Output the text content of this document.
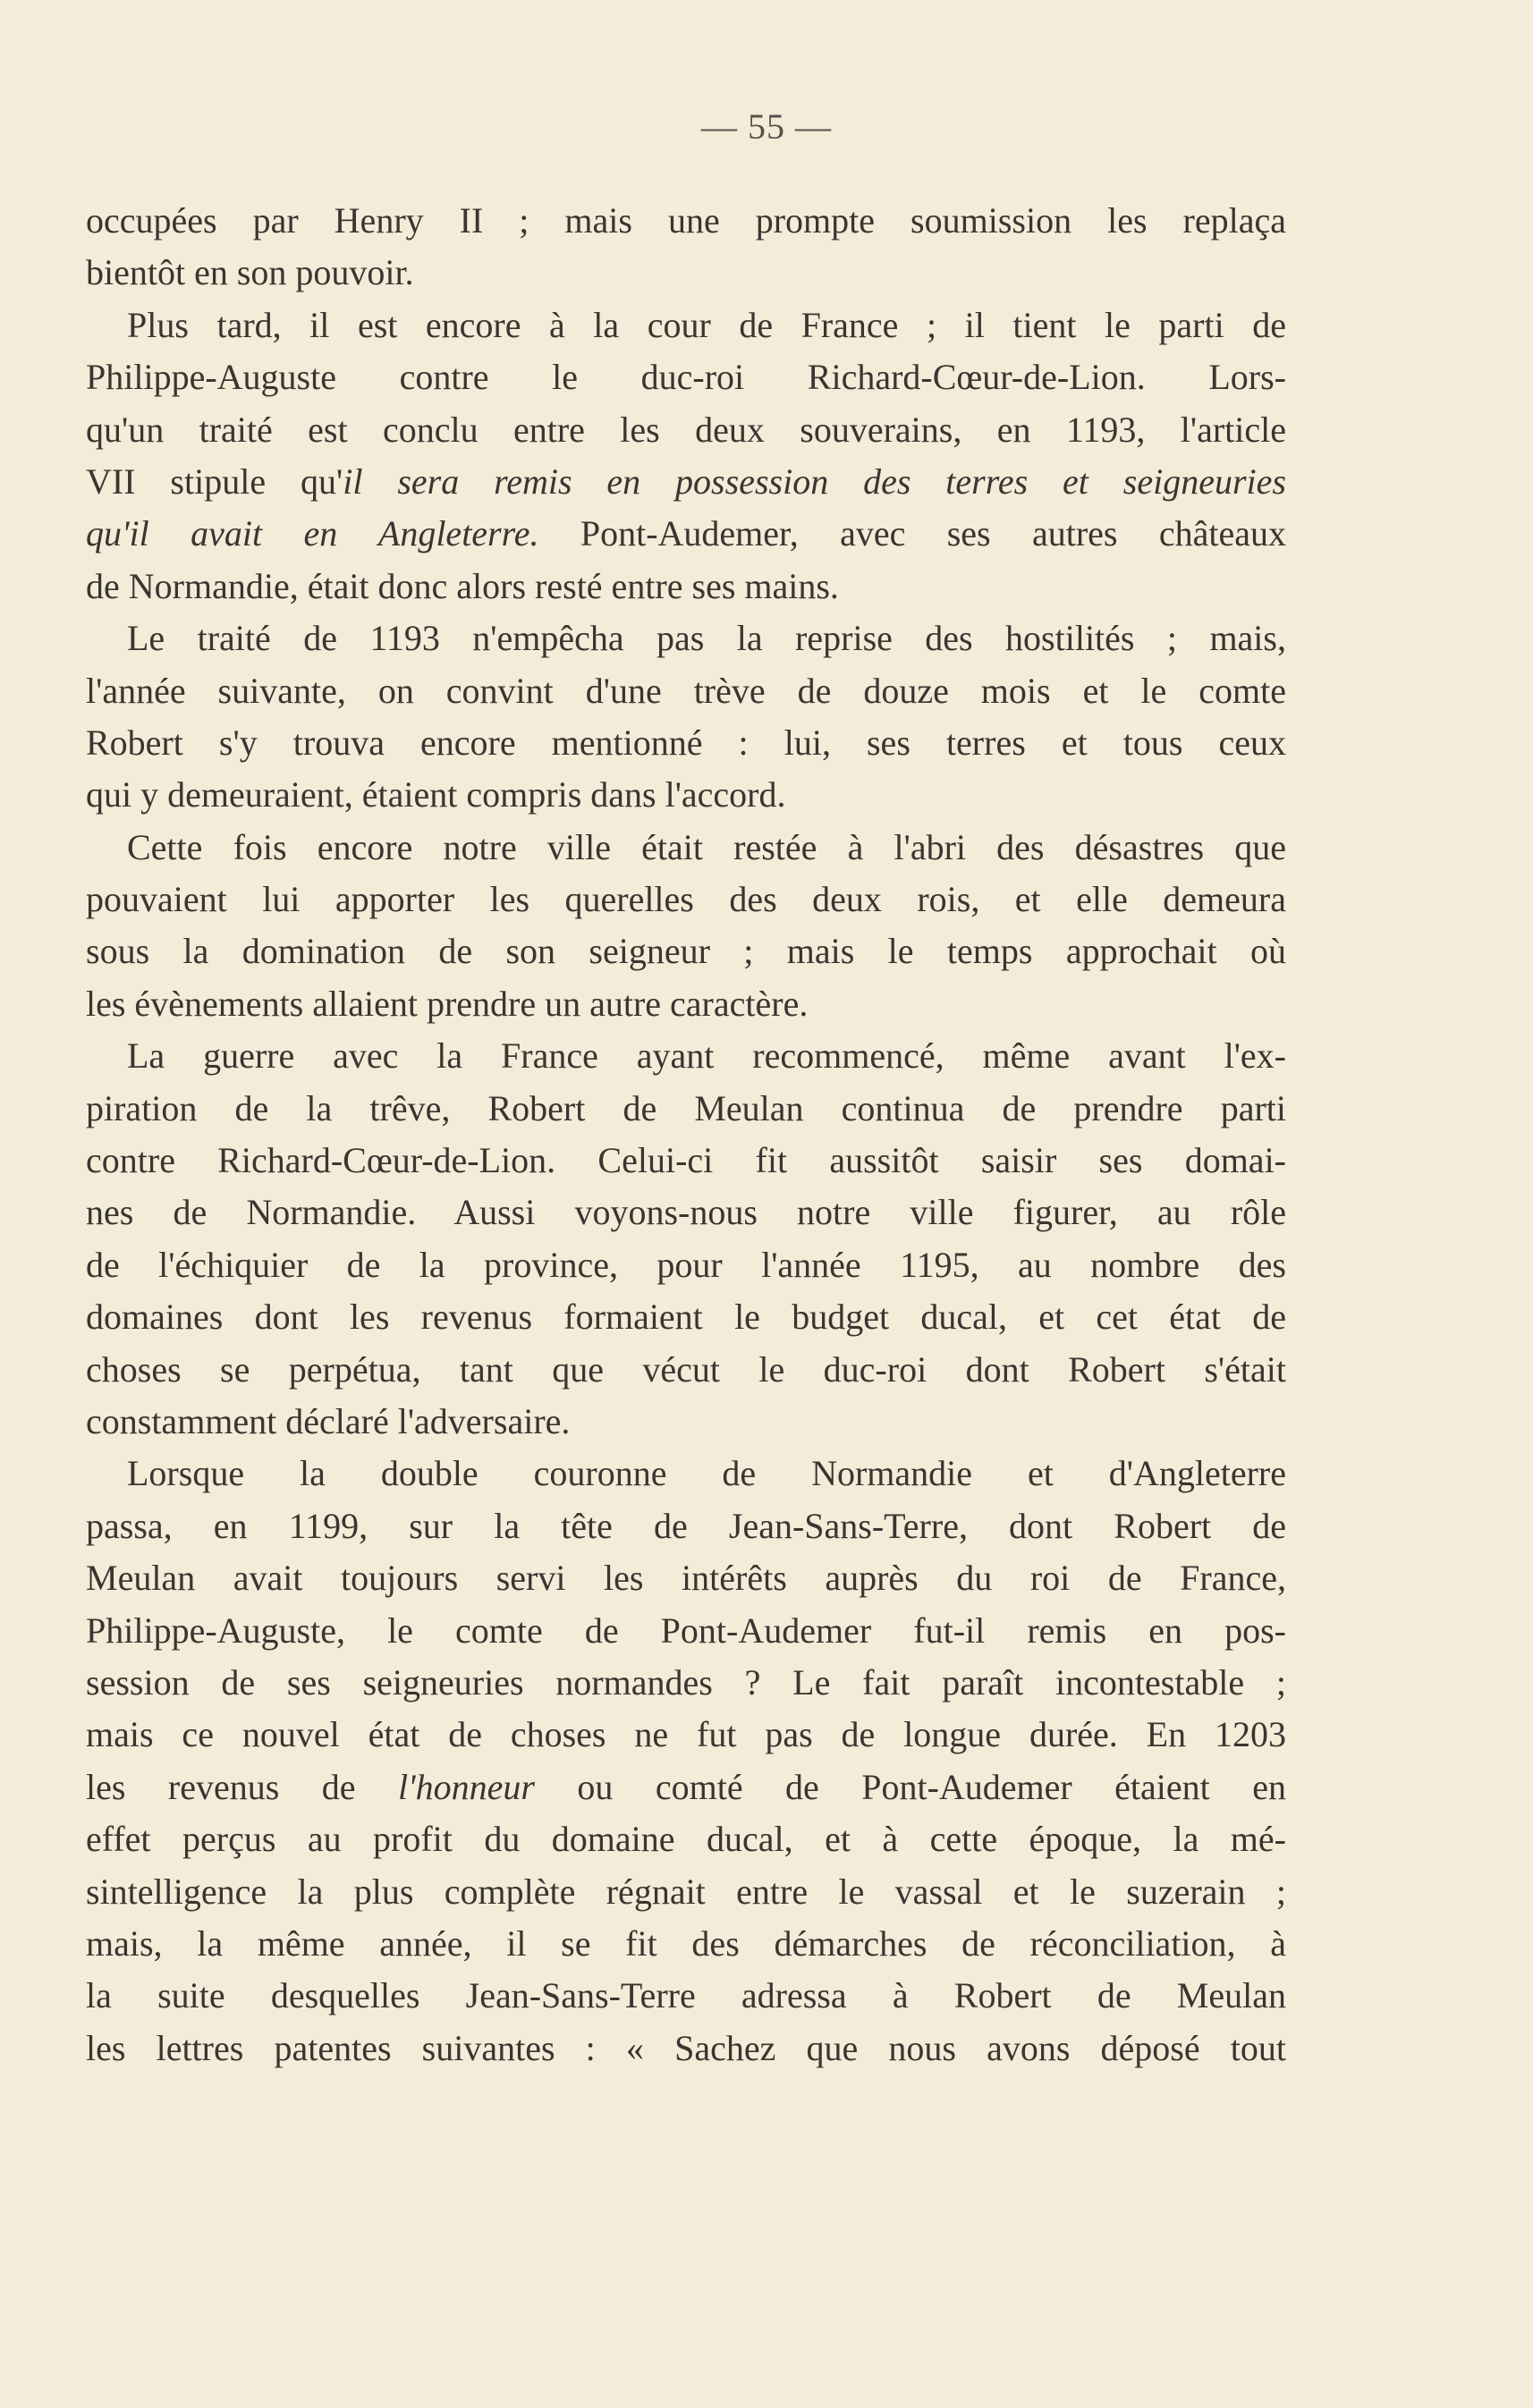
— 55 —
occupées par Henry II ; mais une prompte soumission les replaça
bientôt en son pouvoir.
Plus tard, il est encore à la cour de France ; il tient le parti de
Philippe-Auguste contre le duc-roi Richard-Cœur-de-Lion. Lors-
qu'un traité est conclu entre les deux souverains, en 1193, l'article
VII stipule qu'il sera remis en possession des terres et seigneuries
qu'il avait en Angleterre. Pont-Audemer, avec ses autres châteaux
de Normandie, était donc alors resté entre ses mains.
Le traité de 1193 n'empêcha pas la reprise des hostilités ; mais,
l'année suivante, on convint d'une trève de douze mois et le comte
Robert s'y trouva encore mentionné : lui, ses terres et tous ceux
qui y demeuraient, étaient compris dans l'accord.
Cette fois encore notre ville était restée à l'abri des désastres que
pouvaient lui apporter les querelles des deux rois, et elle demeura
sous la domination de son seigneur ; mais le temps approchait où
les évènements allaient prendre un autre caractère.
La guerre avec la France ayant recommencé, même avant l'ex-
piration de la trêve, Robert de Meulan continua de prendre parti
contre Richard-Cœur-de-Lion. Celui-ci fit aussitôt saisir ses domai-
nes de Normandie. Aussi voyons-nous notre ville figurer, au rôle
de l'échiquier de la province, pour l'année 1195, au nombre des
domaines dont les revenus formaient le budget ducal, et cet état de
choses se perpétua, tant que vécut le duc-roi dont Robert s'était
constamment déclaré l'adversaire.
Lorsque la double couronne de Normandie et d'Angleterre
passa, en 1199, sur la tête de Jean-Sans-Terre, dont Robert de
Meulan avait toujours servi les intérêts auprès du roi de France,
Philippe-Auguste, le comte de Pont-Audemer fut-il remis en pos-
session de ses seigneuries normandes ? Le fait paraît incontestable ;
mais ce nouvel état de choses ne fut pas de longue durée. En 1203
les revenus de l'honneur ou comté de Pont-Audemer étaient en
effet perçus au profit du domaine ducal, et à cette époque, la mé-
sintelligence la plus complète régnait entre le vassal et le suzerain ;
mais, la même année, il se fit des démarches de réconciliation, à
la suite desquelles Jean-Sans-Terre adressa à Robert de Meulan
les lettres patentes suivantes : « Sachez que nous avons déposé tout
